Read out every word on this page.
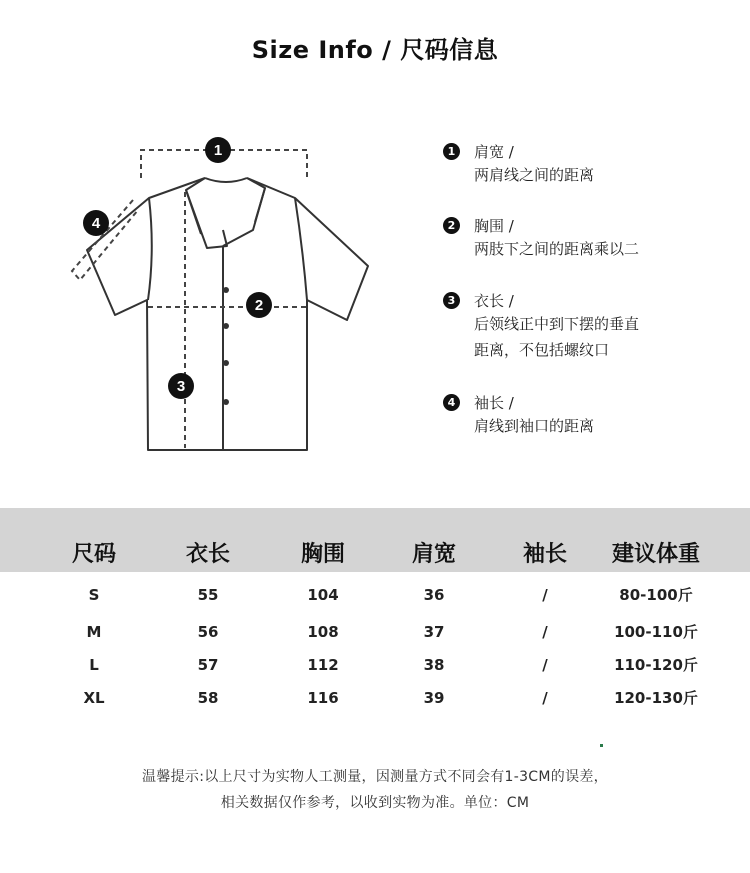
Size Info / 尺码信息
1
2
3
4
1	肩宽 /
两肩线之间的距离
2	胸围 /
两肢下之间的距离乘以二
3	衣长 /
后领线正中到下摆的垂直
距离，不包括螺纹口
4	袖长 /
肩线到袖口的距离
尺码	衣长	胸围	肩宽	袖长	建议体重
S	55	104	36	/	80-100斤
M	56	108	37	/	100-110斤
L	57	112	38	/	110-120斤
XL	58	116	39	/	120-130斤
温馨提示:以上尺寸为实物人工测量，因测量方式不同会有1-3CM的误差，
相关数据仅作参考，以收到实物为准。单位：CM
